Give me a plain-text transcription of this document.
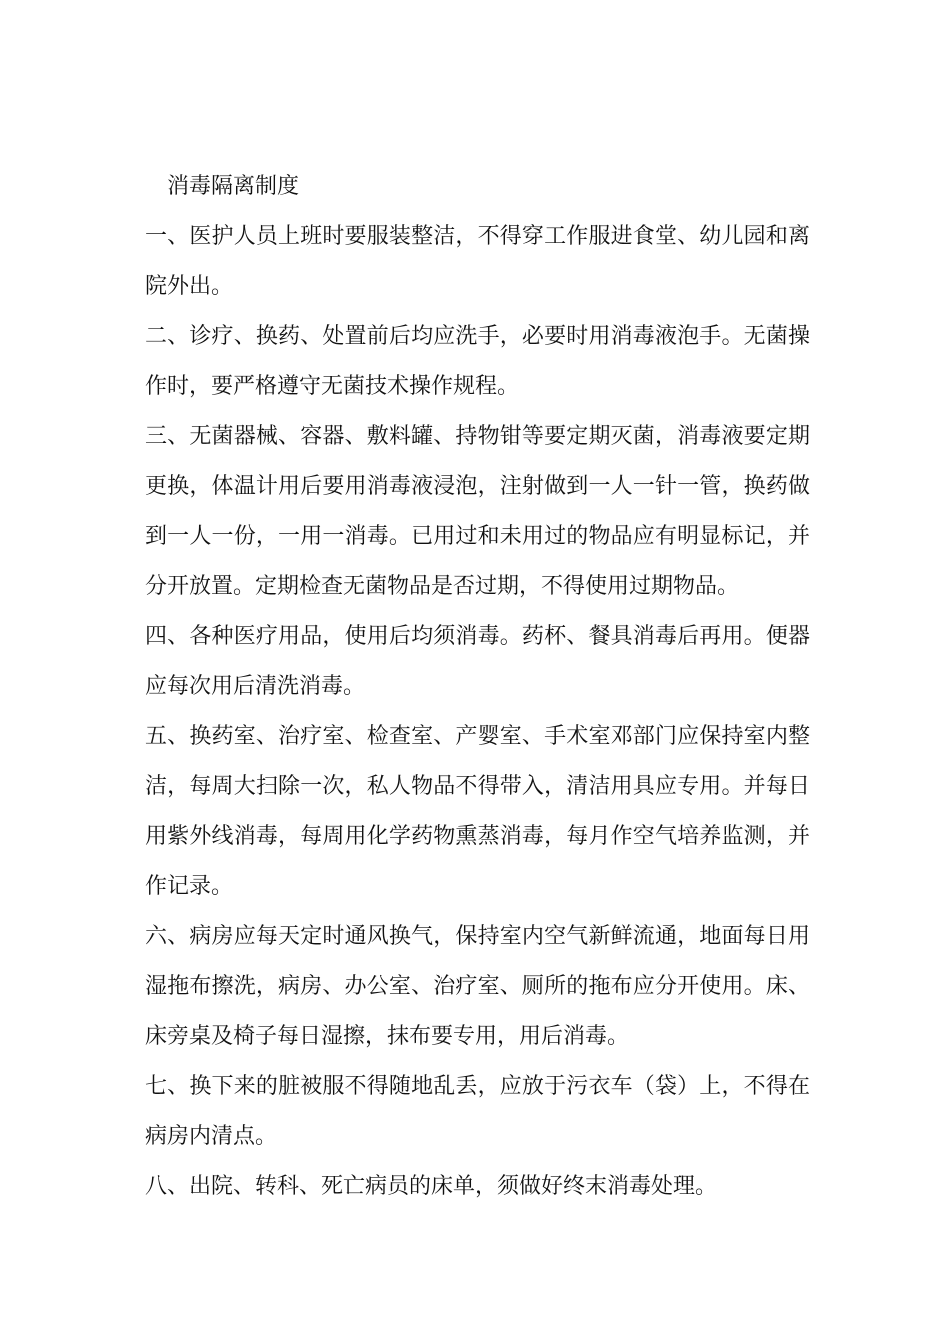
消毒隔离制度

一、医护人员上班时要服装整洁，不得穿工作服进食堂、幼儿园和离院外出。

二、诊疗、换药、处置前后均应洗手，必要时用消毒液泡手。无菌操作时，要严格遵守无菌技术操作规程。

三、无菌器械、容器、敷料罐、持物钳等要定期灭菌，消毒液要定期更换，体温计用后要用消毒液浸泡，注射做到一人一针一管，换药做到一人一份，一用一消毒。已用过和未用过的物品应有明显标记，并分开放置。定期检查无菌物品是否过期，不得使用过期物品。

四、各种医疗用品，使用后均须消毒。药杯、餐具消毒后再用。便器应每次用后清洗消毒。

五、换药室、治疗室、检查室、产婴室、手术室邓部门应保持室内整洁，每周大扫除一次，私人物品不得带入，清洁用具应专用。并每日用紫外线消毒，每周用化学药物熏蒸消毒，每月作空气培养监测，并作记录。

六、病房应每天定时通风换气，保持室内空气新鲜流通，地面每日用湿拖布擦洗，病房、办公室、治疗室、厕所的拖布应分开使用。床、床旁桌及椅子每日湿擦，抹布要专用，用后消毒。

七、换下来的脏被服不得随地乱丢，应放于污衣车（袋）上，不得在病房内清点。

八、出院、转科、死亡病员的床单，须做好终末消毒处理。
